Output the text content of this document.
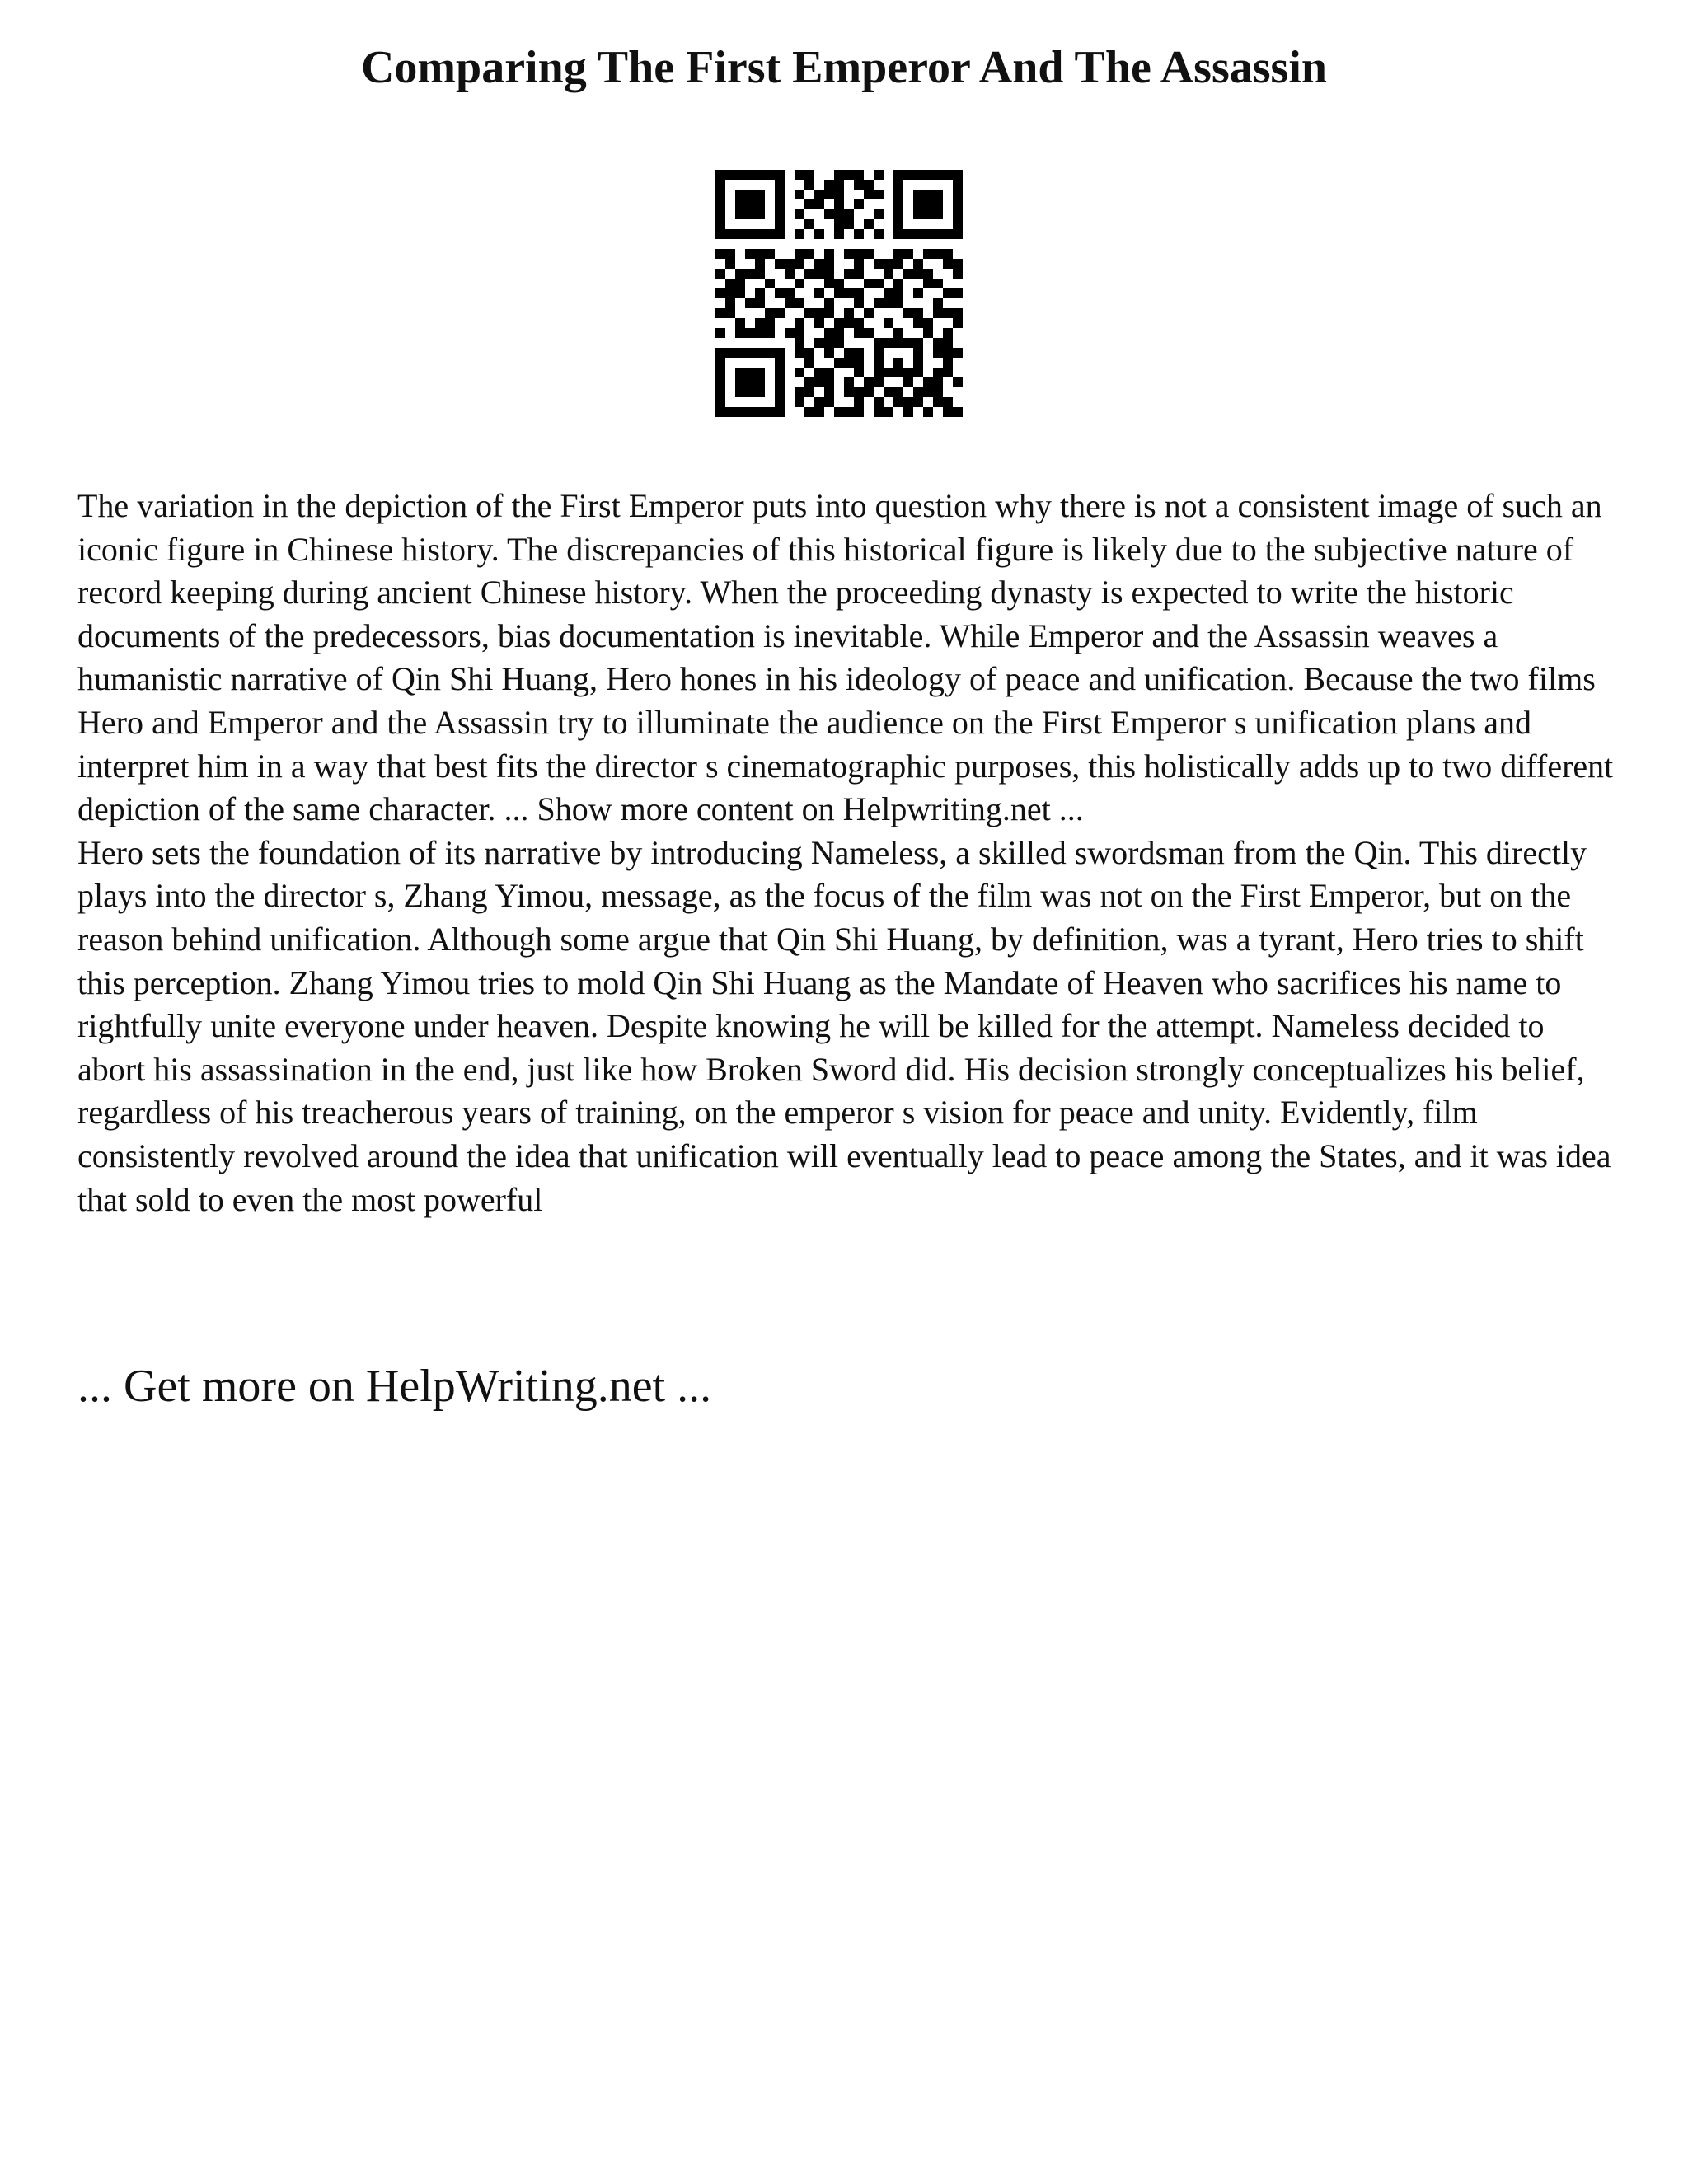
Comparing The First Emperor And The Assassin

The variation in the depiction of the First Emperor puts into question why there is not a consistent image of such an iconic figure in Chinese history. The discrepancies of this historical figure is likely due to the subjective nature of record keeping during ancient Chinese history. When the proceeding dynasty is expected to write the historic documents of the predecessors, bias documentation is inevitable. While Emperor and the Assassin weaves a humanistic narrative of Qin Shi Huang, Hero hones in his ideology of peace and unification. Because the two films Hero and Emperor and the Assassin try to illuminate the audience on the First Emperor s unification plans and interpret him in a way that best fits the director s cinematographic purposes, this holistically adds up to two different depiction of the same character. ... Show more content on Helpwriting.net ...

Hero sets the foundation of its narrative by introducing Nameless, a skilled swordsman from the Qin. This directly plays into the director s, Zhang Yimou, message, as the focus of the film was not on the First Emperor, but on the reason behind unification. Although some argue that Qin Shi Huang, by definition, was a tyrant, Hero tries to shift this perception. Zhang Yimou tries to mold Qin Shi Huang as the Mandate of Heaven who sacrifices his name to rightfully unite everyone under heaven. Despite knowing he will be killed for the attempt. Nameless decided to abort his assassination in the end, just like how Broken Sword did. His decision strongly conceptualizes his belief, regardless of his treacherous years of training, on the emperor s vision for peace and unity. Evidently, film consistently revolved around the idea that unification will eventually lead to peace among the States, and it was idea that sold to even the most powerful

... Get more on HelpWriting.net ...
